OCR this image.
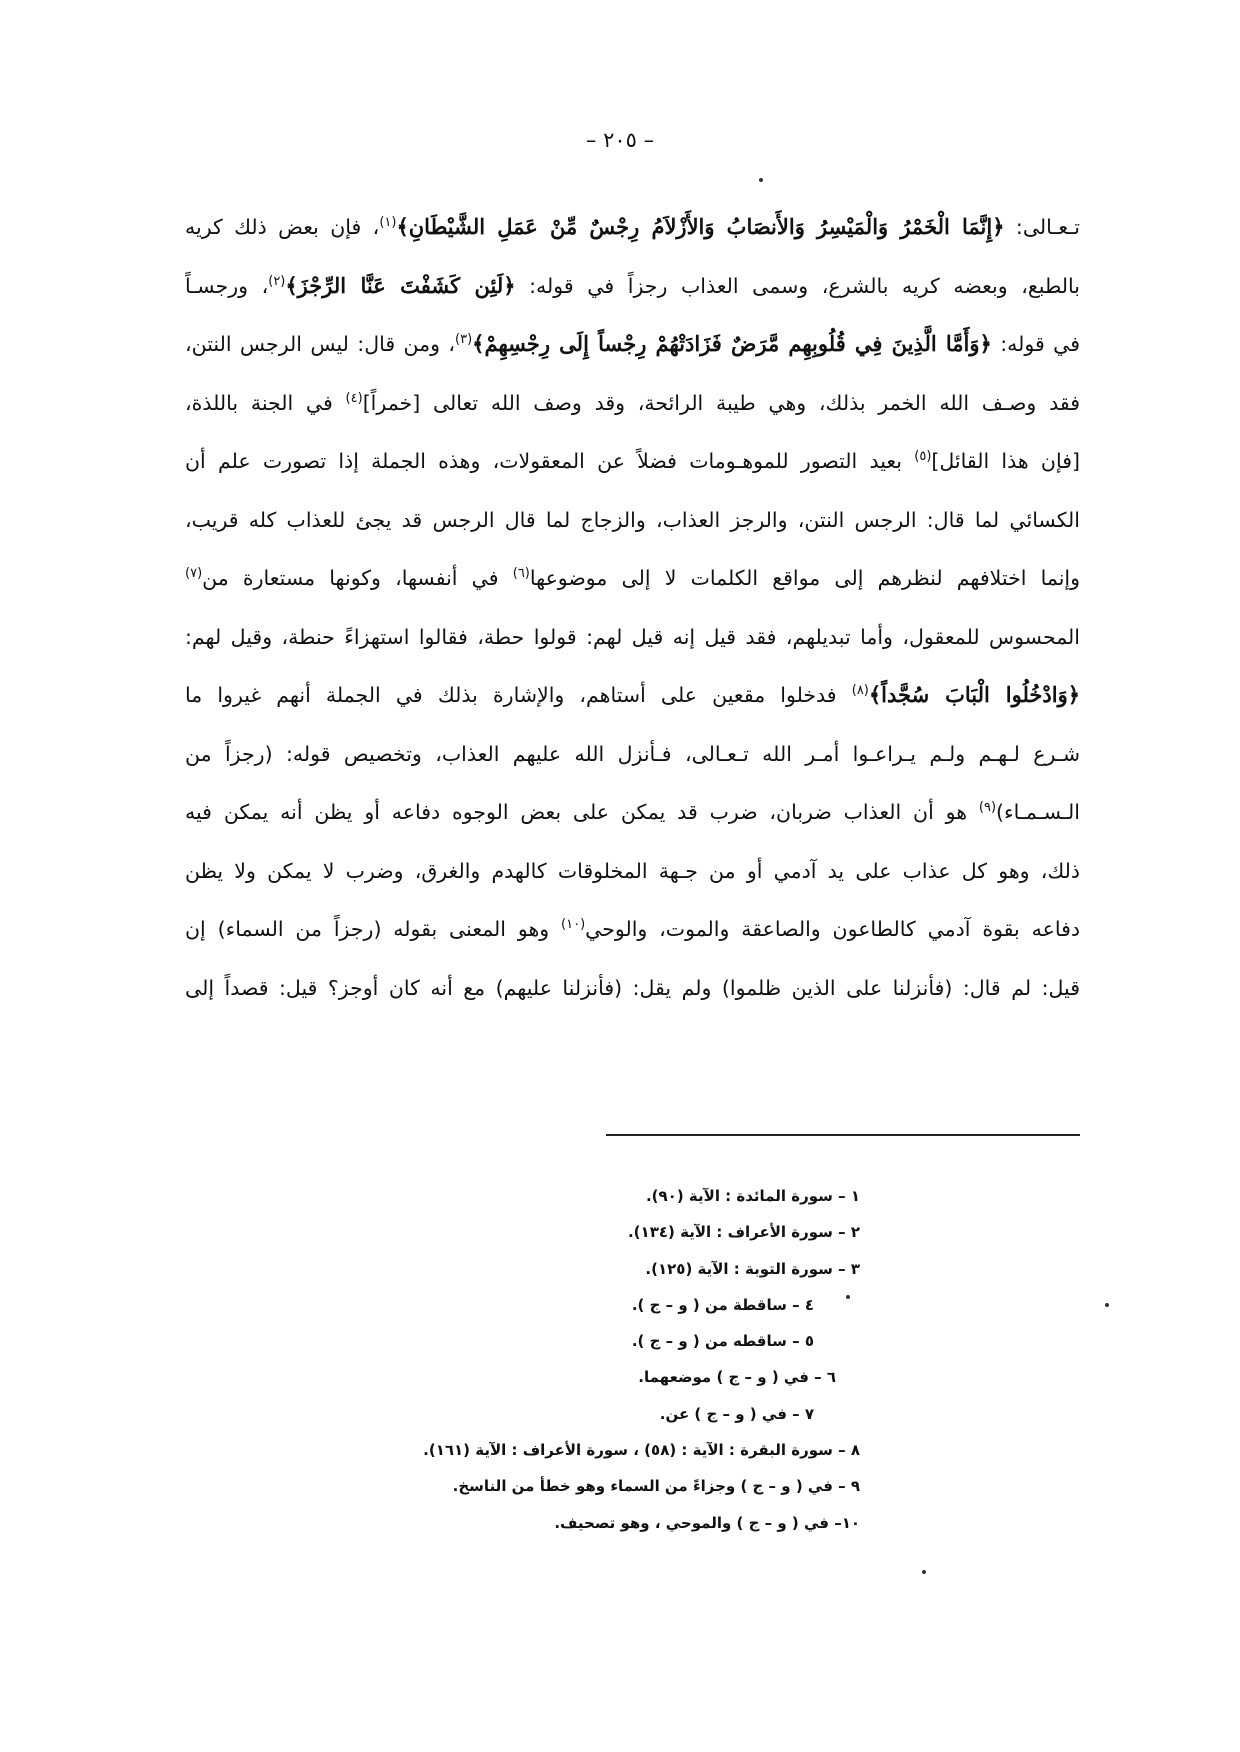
– ٢٠٥ –
تـعـالى: ﴿إِنَّمَا الْخَمْرُ وَالْمَيْسِرُ وَالأَنصَابُ وَالأَزْلاَمُ رِجْسٌ مِّنْ عَمَلِ الشَّيْطَانِ﴾$^{(١)}$، فإن بعض ذلك كريه
بالطبع، وبعضه كريه بالشرع، وسمى العذاب رجزاً في قوله: ﴿لَئِن كَشَفْتَ عَنَّا الرِّجْزَ﴾$^{(٢)}$، ورجسـاً
في قوله: ﴿وَأَمَّا الَّذِينَ فِي قُلُوبِهِم مَّرَضٌ فَزَادَتْهُمْ رِجْساً إِلَى رِجْسِهِمْ﴾$^{(٣)}$، ومن قال: ليس الرجس النتن،
فقد وصـف الله الخمر بذلك، وهي طيبة الرائحة، وقد وصف الله تعالى [خمراً]$^{(٤)}$ في الجنة باللذة،
[فإن هذا القائل]$^{(٥)}$ بعيد التصور للموهـومات فضلاً عن المعقولات، وهذه الجملة إذا تصورت علم أن
الكسائي لما قال: الرجس النتن، والرجز العذاب، والزجاج لما قال الرجس قد يجئ للعذاب كله قريب،
وإنما اختلافهم لنظرهم إلى مواقع الكلمات لا إلى موضوعها$^{(٦)}$ في أنفسها، وكونها مستعارة من$^{(٧)}$
المحسوس للمعقول، وأما تبديلهم، فقد قيل إنه قيل لهم: قولوا حطة، فقالوا استهزاءً حنطة، وقيل لهم:
﴿وَادْخُلُوا الْبَابَ سُجَّداً﴾$^{(٨)}$ فدخلوا مقعين على أستاهم، والإشارة بذلك في الجملة أنهم غيروا ما
شـرع لـهـم ولـم يـراعـوا أمـر الله تـعـالى، فـأنزل الله عليهم العذاب، وتخصيص قوله: (رجزاً من
الـسـمـاء)$^{(٩)}$ هو أن العذاب ضربان، ضرب قد يمكن على بعض الوجوه دفاعه أو يظن أنه يمكن فيه
ذلك، وهو كل عذاب على يد آدمي أو من جـهة المخلوقات كالهدم والغرق، وضرب لا يمكن ولا يظن
دفاعه بقوة آدمي كالطاعون والصاعقة والموت، والوحي$^{(١٠)}$ وهو المعنى بقوله (رجزاً من السماء) إن
قيل: لم قال: (فأنزلنا على الذين ظلموا) ولم يقل: (فأنزلنا عليهم) مع أنه كان أوجز؟ قيل: قصداً إلى
١ – سورة المائدة : الآية (٩٠).
٢ – سورة الأعراف : الآية (١٣٤).
٣ – سورة التوبة : الآية (١٢٥).
٤ – ساقطة من ( و – ج ).
٥ – ساقطه من ( و – ج ).
٦ – في ( و – ج ) موضعهما.
٧ – في ( و – ج ) عن.
٨ – سورة البقرة : الآية : (٥٨) ، سورة الأعراف : الآية (١٦١).
٩ – في ( و – ج ) وجزاءً من السماء وهو خطأ من الناسخ.
١٠– في ( و – ج ) والموحي ، وهو تصحيف.
